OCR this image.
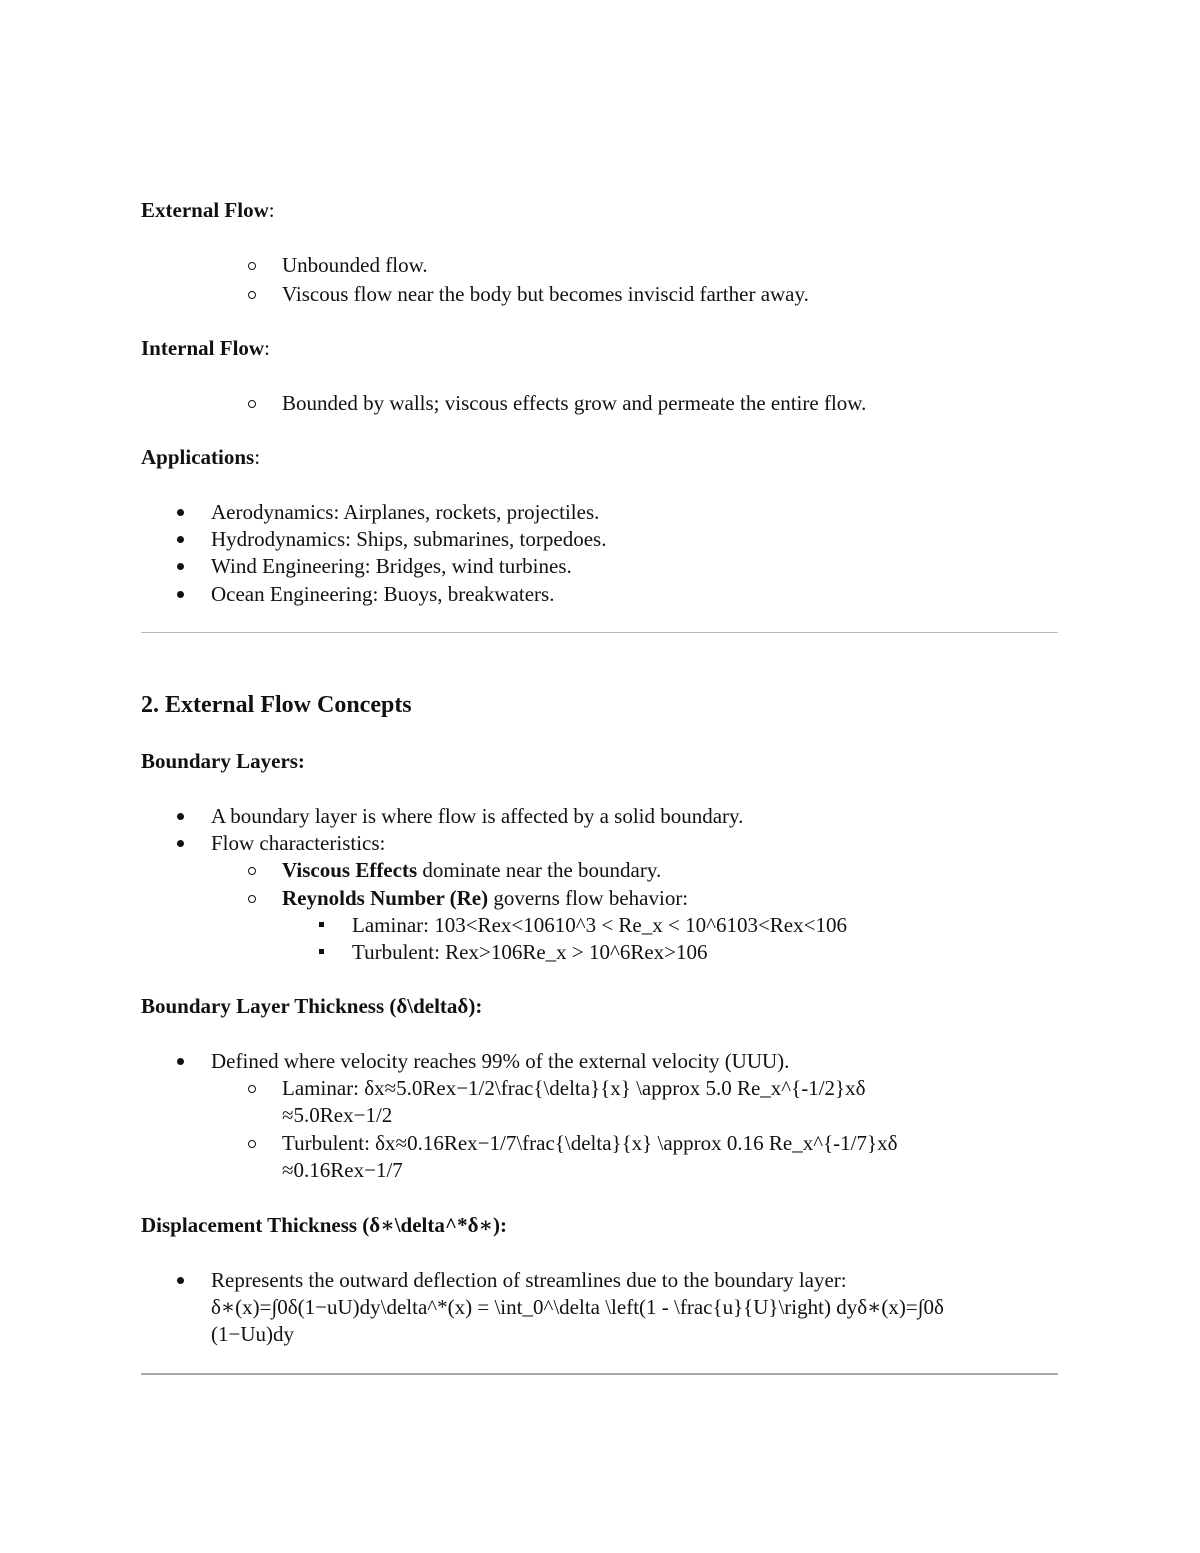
External Flow:
Unbounded flow.
Viscous flow near the body but becomes inviscid farther away.
Internal Flow:
Bounded by walls; viscous effects grow and permeate the entire flow.
Applications:
Aerodynamics: Airplanes, rockets, projectiles.
Hydrodynamics: Ships, submarines, torpedoes.
Wind Engineering: Bridges, wind turbines.
Ocean Engineering: Buoys, breakwaters.
2. External Flow Concepts
Boundary Layers:
A boundary layer is where flow is affected by a solid boundary.
Flow characteristics:
Viscous Effects dominate near the boundary.
Reynolds Number (Re) governs flow behavior:
Laminar: 103<Rex<10610^3 < Re_x < 10^6103<Rex<106
Turbulent: Rex>106Re_x > 10^6Rex>106
Boundary Layer Thickness (δ\deltaδ):
Defined where velocity reaches 99% of the external velocity (UUU).
Laminar: δx≈5.0Rex−1/2\frac{\delta}{x} \approx 5.0 Re_x^{-1/2}xδ
≈5.0Rex−1/2
Turbulent: δx≈0.16Rex−1/7\frac{\delta}{x} \approx 0.16 Re_x^{-1/7}xδ
≈0.16Rex−1/7
Displacement Thickness (δ∗\delta^*δ∗):
Represents the outward deflection of streamlines due to the boundary layer:
δ∗(x)=∫0δ(1−uU)dy\delta^*(x) = \int_0^\delta \left(1 - \frac{u}{U}\right) dyδ∗(x)=∫0δ
(1−Uu)dy
